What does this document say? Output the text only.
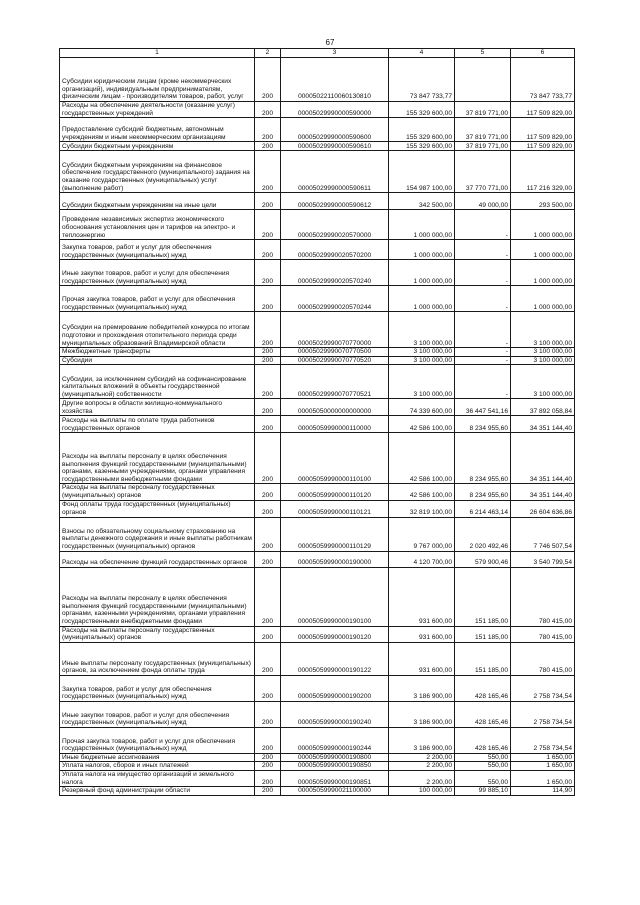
67
1	2	3	4	5	6
Субсидии юридическим лицам (кроме некоммерческих организаций), индивидуальным предпринимателям, физическим лицам - производителям товаров, работ, услуг	200	00005022110060130810	73 847 733,77		73 847 733,77
Расходы на обеспечение деятельности (оказание услуг) государственных учреждений	200	00005029990000590000	155 329 600,00	37 819 771,00	117 509 829,00
Предоставление субсидий бюджетным, автономным учреждениям и иным некоммерческим организациям	200	00005029990000590600	155 329 600,00	37 819 771,00	117 509 829,00
Субсидии бюджетным учреждениям	200	00005029990000590610	155 329 600,00	37 819 771,00	117 509 829,00
Субсидии бюджетным учреждениям на финансовое обеспечение государственного (муниципального) задания на оказание государственных (муниципальных) услуг (выполнение работ)	200	00005029990000590611	154 987 100,00	37 770 771,00	117 216 329,00
Субсидии бюджетным учреждениям на иные цели	200	00005029990000590612	342 500,00	49 000,00	293 500,00
Проведение независимых экспертиз экономического обоснования установления цен и тарифов на электро- и теплоэнергию	200	00005029990020570000	1 000 000,00	-	1 000 000,00
Закупка товаров, работ и услуг для обеспечения государственных (муниципальных) нужд	200	00005029990020570200	1 000 000,00	-	1 000 000,00
Иные закупки товаров, работ и услуг для обеспечения государственных (муниципальных) нужд	200	00005029990020570240	1 000 000,00	-	1 000 000,00
Прочая закупка товаров, работ и услуг для обеспечения государственных (муниципальных) нужд	200	00005029990020570244	1 000 000,00	-	1 000 000,00
Субсидии на премирование победителей конкурса по итогам подготовки и прохождения отопительного периода среди муниципальных образований Владимирской области	200	00005029990070770000	3 100 000,00	-	3 100 000,00
Межбюджетные трансферты	200	00005029990070770500	3 100 000,00	-	3 100 000,00
Субсидии	200	00005029990070770520	3 100 000,00	-	3 100 000,00
Субсидии, за исключением субсидий на софинансирование капитальных вложений в объекты государственной (муниципальной) собственности	200	00005029990070770521	3 100 000,00	-	3 100 000,00
Другие вопросы в области жилищно-коммунального хозяйства	200	00005050000000000000	74 339 600,00	36 447 541,16	37 892 058,84
Расходы на выплаты по оплате труда работников государственных органов	200	00005059990000110000	42 586 100,00	8 234 955,60	34 351 144,40
Расходы на выплаты персоналу в целях обеспечения выполнения функций государственными (муниципальными) органами, казенными учреждениями, органами управления государственными внебюджетными фондами	200	00005059990000110100	42 586 100,00	8 234 955,60	34 351 144,40
Расходы на выплаты персоналу государственных (муниципальных) органов	200	00005059990000110120	42 586 100,00	8 234 955,60	34 351 144,40
Фонд оплаты труда государственных (муниципальных) органов	200	00005059990000110121	32 819 100,00	6 214 463,14	26 604 636,86
Взносы по обязательному социальному страхованию на выплаты денежного содержания и иные выплаты работникам государственных (муниципальных) органов	200	00005059990000110129	9 767 000,00	2 020 492,46	7 746 507,54
Расходы на обеспечение функций государственных органов	200	00005059990000190000	4 120 700,00	579 900,46	3 540 799,54
Расходы на выплаты персоналу в целях обеспечения выполнения функций государственными (муниципальными) органами, казенными учреждениями, органами управления государственными внебюджетными фондами	200	00005059990000190100	931 600,00	151 185,00	780 415,00
Расходы на выплаты персоналу государственных (муниципальных) органов	200	00005059990000190120	931 600,00	151 185,00	780 415,00
Иные выплаты персоналу государственных (муниципальных) органов, за исключением фонда оплаты труда	200	00005059990000190122	931 600,00	151 185,00	780 415,00
Закупка товаров, работ и услуг для обеспечения государственных (муниципальных) нужд	200	00005059990000190200	3 186 900,00	428 165,46	2 758 734,54
Иные закупки товаров, работ и услуг для обеспечения государственных (муниципальных) нужд	200	00005059990000190240	3 186 900,00	428 165,46	2 758 734,54
Прочая закупка товаров, работ и услуг для обеспечения государственных (муниципальных) нужд	200	00005059990000190244	3 186 900,00	428 165,46	2 758 734,54
Иные бюджетные ассигнования	200	00005059990000190800	2 200,00	550,00	1 650,00
Уплата налогов, сборов и иных платежей	200	00005059990000190850	2 200,00	550,00	1 650,00
Уплата налога на имущество организаций и земельного налога	200	00005059990000190851	2 200,00	550,00	1 650,00
Резервный фонд администрации области	200	00005059990021100000	100 000,00	99 885,10	114,90
